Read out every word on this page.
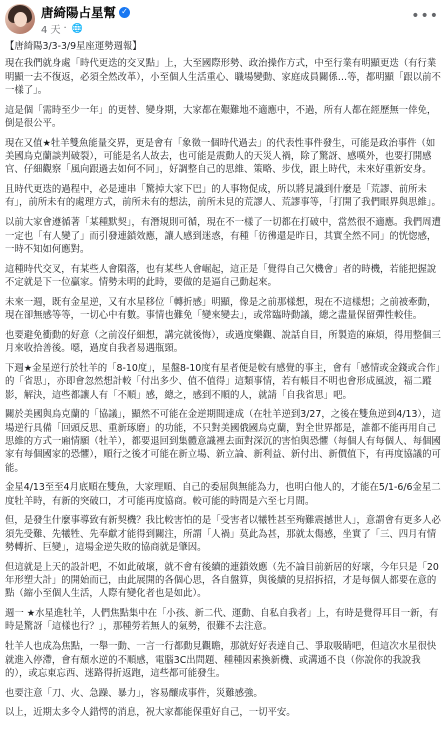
唐綺陽占星幫 ✓
4 天 · 🌐
•••

【唐綺陽3/3-3/9星座運勢週報】

現在我們就身處「時代更迭的交叉點」上，大至國際形勢、政治操作方式，中至行業有明顯更迭（有行業明顯一去不復返，必須全然改革），小至個人生活重心、職場變動、家庭成員關係…等，都明顯「跟以前不一樣了」。

這是個「需時至少一年」的更替、變身期，大家都在艱難地不適應中，不過，所有人都在經歷無一倖免，倒是很公平。

現在又值★牡羊雙魚能量交界，更是會有「象徵一個時代過去」的代表性事件發生，可能是政治事件（如美國烏克蘭談判破裂），可能是名人故去，也可能是震動人的天災人禍，除了驚訝、感嘆外，也要打開感官、仔細觀察「風向跟過去如何不同」，好調整自己的思維、策略、步伐，跟上時代，未來好重新安身。

且時代更迭的過程中，必是連串「驚掉大家下巴」的人事物促成，所以將見識到什麼是「荒謬、前所未有」，前所未有的處理方式，前所未有的想法，前所未見的荒謬人、荒謬事等，「打開了我們眼界與思維」。

以前大家會遵循著「某種默契」，有潛規則可循，現在不一樣了一切都在打破中，當然很不適應。我們周遭一定也「有人變了」而引發連鎖效應，讓人感到迷惑，有種「彷彿還是昨日，其實全然不同」的恍惚感，一時不知如何應對。

這種時代交叉，有某些人會隕落，也有某些人會崛起，這正是「覺得自己欠機會」者的時機，若能把握說不定就是下一位贏家。情勢未明的此時，要做的是逼自己動起來。

未來一週，既有金星逆，又有水星移位「轉折感」明顯，像是之前那樣想，現在不這樣想；之前被牽動，現在卻無感等等，一切心中有數。事情也難免「變來變去」，或常臨時動議，總之盡量保留彈性較佳。

也要避免衝動的好意（之前沒仔細想，講完就後悔），或過度樂觀、說話自目，所製造的麻煩，得用整個三月來收拾善後。噁，過度自我者易遇瓶頸。

下週★金星逆行於牡羊的「8-10度」，星盤8-10度有星者便是較有感覺的事主，會有「感情或金錢或合作」的「省思」，亦即會忽然想計較「付出多少、值不值得」這類事情，若有帳目不明也會形成風波，福二蹤影，解決，這些都讓人有「不順」感，總之，感到不順的人，就請「自我省思」吧。

關於美國與烏克蘭的「協議」，顯然不可能在金逆期間達成（在牡羊逆到3/27，之後在雙魚逆到4/13），這場逆行具備「回頭反思、重新琢磨」的功能，不只對美國俄國烏克蘭，對全世界都是，誰都不能再用自己思維的方式一廂情願（牡羊），都要退回到集體意識裡去面對深沉的害怕與恐懼（每個人有每個人、每個國家有每個國家的恐懼），順行之後才可能在新立場、新立論、新利益、新付出、新價值下，有再度協議的可能。

金星4/13至至4月底順在雙魚，大家理順、自己的委屈與無能為力，也明白他人的，才能在5/1-6/6金星二度牡羊時，有新的突破口，才可能再度協商。較可能的時間是六至七月間。

但，是發生什麼事導致有新契機？我比較害怕的是「受害者以犧牲甚至殉難震撼世人」，意謂會有更多人必須先受難、先犧牲、先奉獻才能得到關注，所謂「人禍」莫此為甚，那就太傷感，坐實了「三、四月有情勢轉折、巨變」，這場金逆失敗的協商就是肇因。

但這就是上天的設計吧，不如此破壞，就不會有後續的連鎖效應（先不論目前新居的好壞，今年只是「20年形塑大計」的開始而已，由此展開的各個心思，各自盤算，與後續的見招拆招，才是每個人都要在意的點（縮小至個人生活，人際有變化者也是如此）。

週一 ★水星進牡羊，人們焦點集中在「小孩、新二代、運動、自私自我者」上，有時是覺得耳目一新，有時是驚訝「這樣也行？」，那種勞若無人的氣勢，很難不去注意。

牡羊人也成為焦點，一舉一動、一言一行都動見觀瞻，那就好好表達自己、爭取吸睛吧，但這次水星很快就進入停滯，會有頹水逆的不順感，電腦3C出問題、種種因素換新機、或溝通不良（你說你的我說我的），或忘東忘西、迷路得折返跑，這些都可能發生。

也要注意「刀、火、急躁、暴力」，容易釀成事件，災難感強。

以上，近期太多令人錯愕的消息，祝大家都能保重好自己，一切平安。
